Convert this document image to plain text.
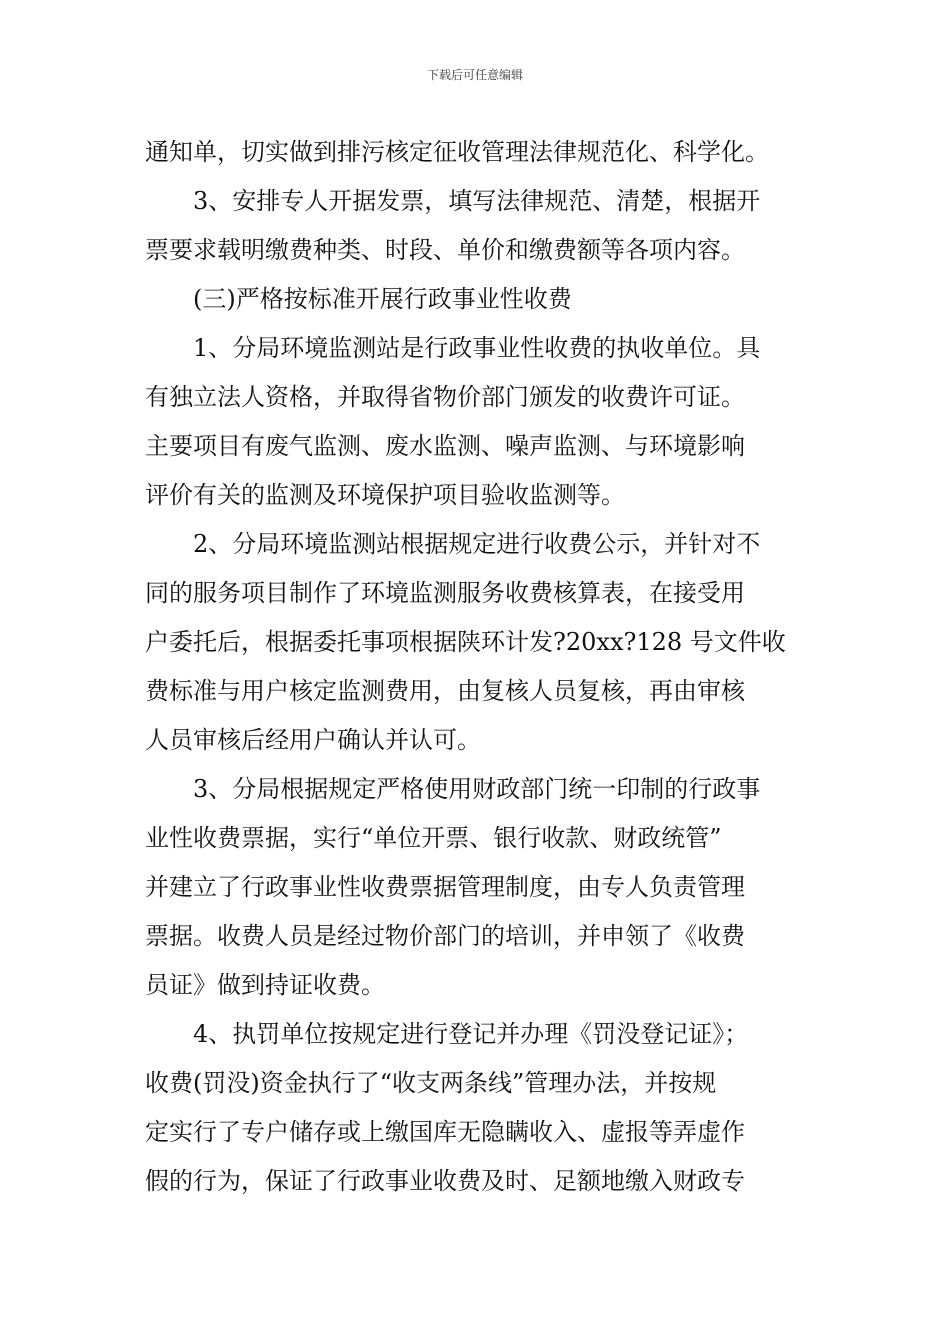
下载后可任意编辑
通知单，切实做到排污核定征收管理法律规范化、科学化。
3、安排专人开据发票，填写法律规范、清楚，根据开
票要求载明缴费种类、时段、单价和缴费额等各项内容。
(三)严格按标准开展行政事业性收费
1、分局环境监测站是行政事业性收费的执收单位。具
有独立法人资格，并取得省物价部门颁发的收费许可证。
主要项目有废气监测、废水监测、噪声监测、与环境影响
评价有关的监测及环境保护项目验收监测等。
2、分局环境监测站根据规定进行收费公示，并针对不
同的服务项目制作了环境监测服务收费核算表，在接受用
户委托后，根据委托事项根据陕环计发?20xx?128 号文件收
费标准与用户核定监测费用，由复核人员复核，再由审核
人员审核后经用户确认并认可。
3、分局根据规定严格使用财政部门统一印制的行政事
业性收费票据，实行“单位开票、银行收款、财政统管”
并建立了行政事业性收费票据管理制度，由专人负责管理
票据。收费人员是经过物价部门的培训，并申领了《收费
员证》做到持证收费。
4、执罚单位按规定进行登记并办理《罚没登记证》；
收费(罚没)资金执行了“收支两条线”管理办法，并按规
定实行了专户储存或上缴国库无隐瞒收入、虚报等弄虚作
假的行为，保证了行政事业收费及时、足额地缴入财政专
